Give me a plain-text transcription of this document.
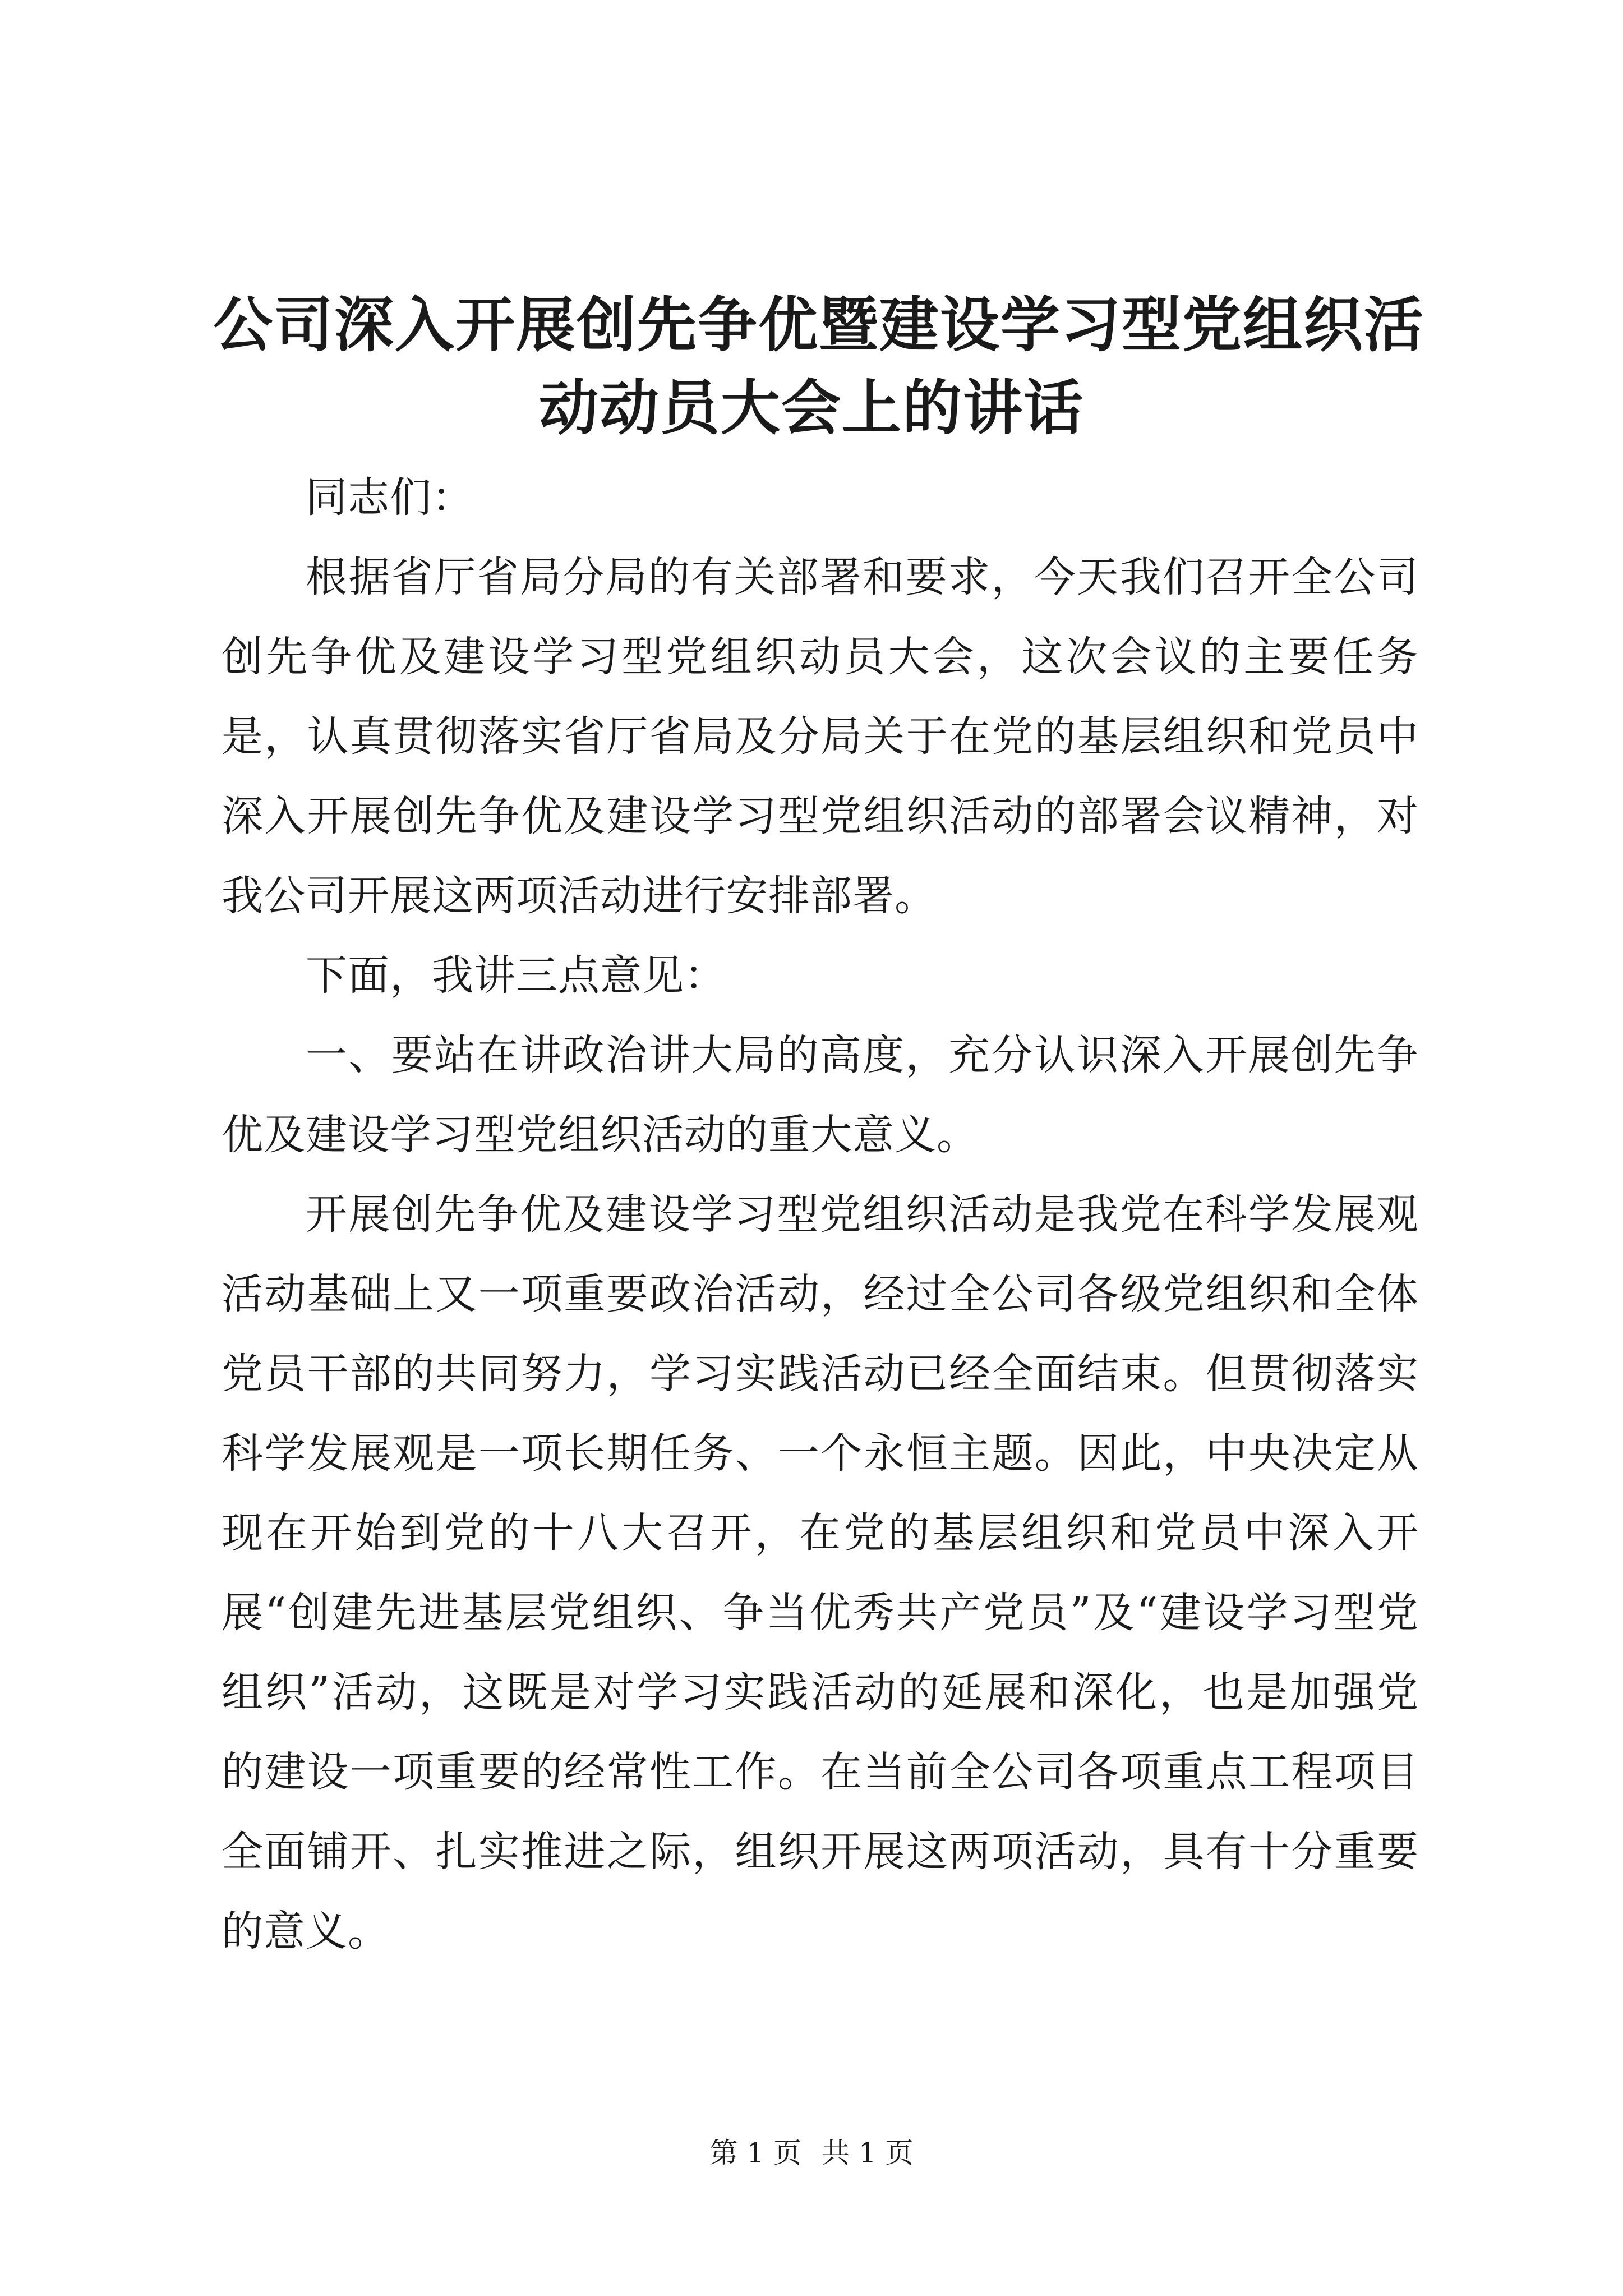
公司深入开展创先争优暨建设学习型党组织活
动动员大会上的讲话

同志们：

根据省厅省局分局的有关部署和要求，今天我们召开全公司创先争优及建设学习型党组织动员大会，这次会议的主要任务是，认真贯彻落实省厅省局及分局关于在党的基层组织和党员中深入开展创先争优及建设学习型党组织活动的部署会议精神，对我公司开展这两项活动进行安排部署。

下面，我讲三点意见：

一、要站在讲政治讲大局的高度，充分认识深入开展创先争优及建设学习型党组织活动的重大意义。

开展创先争优及建设学习型党组织活动是我党在科学发展观活动基础上又一项重要政治活动，经过全公司各级党组织和全体党员干部的共同努力，学习实践活动已经全面结束。但贯彻落实科学发展观是一项长期任务、一个永恒主题。因此，中央决定从现在开始到党的十八大召开，在党的基层组织和党员中深入开展“创建先进基层党组织、争当优秀共产党员”及“建设学习型党组织”活动，这既是对学习实践活动的延展和深化，也是加强党的建设一项重要的经常性工作。在当前全公司各项重点工程项目全面铺开、扎实推进之际，组织开展这两项活动，具有十分重要的意义。

第 1 页 共 1 页
